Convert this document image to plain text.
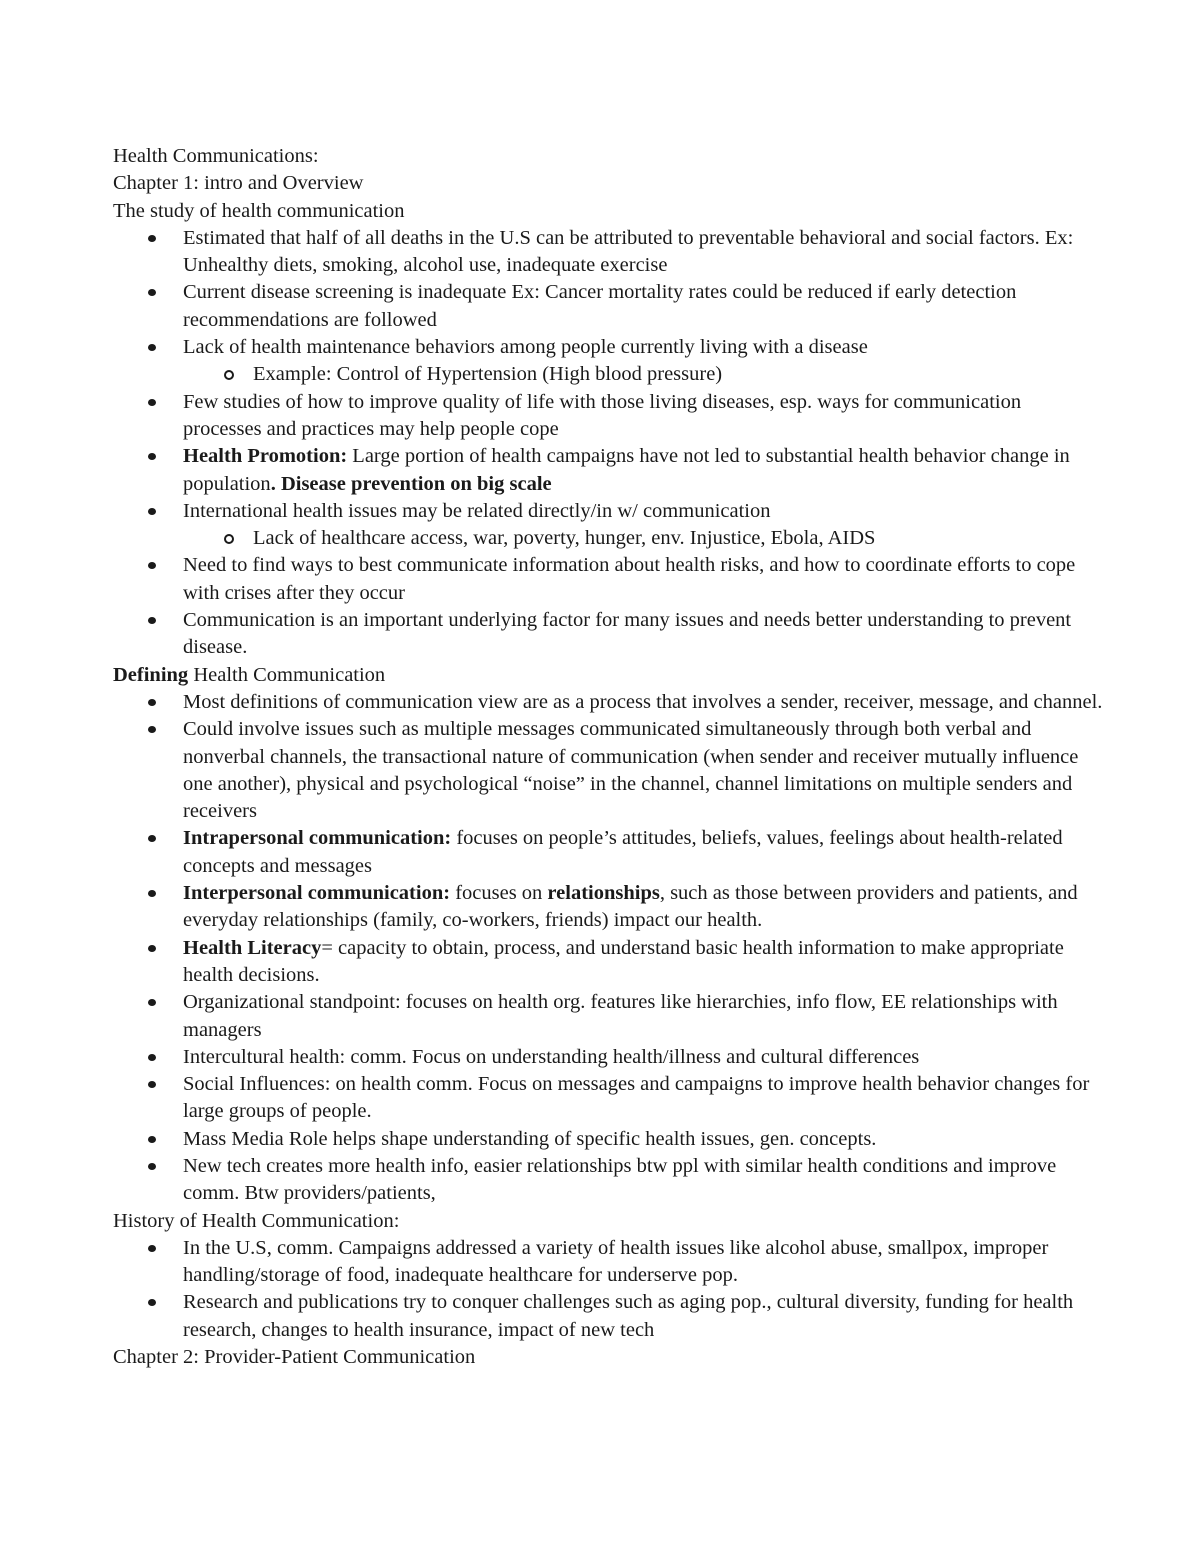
Health Communications:

Chapter 1: intro and Overview

The study of health communication

Estimated that half of all deaths in the U.S can be attributed to preventable behavioral and social factors. Ex: Unhealthy diets, smoking, alcohol use, inadequate exercise
Current disease screening is inadequate Ex: Cancer mortality rates could be reduced if early detection recommendations are followed
Lack of health maintenance behaviors among people currently living with a disease
Example: Control of Hypertension (High blood pressure)
Few studies of how to improve quality of life with those living diseases, esp. ways for communication processes and practices may help people cope
Health Promotion: Large portion of health campaigns have not led to substantial health behavior change in population. Disease prevention on big scale
International health issues may be related directly/in w/ communication
Lack of healthcare access, war, poverty, hunger, env. Injustice, Ebola, AIDS
Need to find ways to best communicate information about health risks, and how to coordinate efforts to cope with crises after they occur
Communication is an important underlying factor for many issues and needs better understanding to prevent disease.

Defining Health Communication

Most definitions of communication view are as a process that involves a sender, receiver, message, and channel.
Could involve issues such as multiple messages communicated simultaneously through both verbal and nonverbal channels, the transactional nature of communication (when sender and receiver mutually influence one another), physical and psychological “noise” in the channel, channel limitations on multiple senders and receivers
Intrapersonal communication: focuses on people’s attitudes, beliefs, values, feelings about health-related concepts and messages
Interpersonal communication: focuses on relationships, such as those between providers and patients, and everyday relationships (family, co-workers, friends) impact our health.
Health Literacy= capacity to obtain, process, and understand basic health information to make appropriate health decisions.
Organizational standpoint: focuses on health org. features like hierarchies, info flow, EE relationships with managers
Intercultural health: comm. Focus on understanding health/illness and cultural differences
Social Influences: on health comm. Focus on messages and campaigns to improve health behavior changes for large groups of people.
Mass Media Role helps shape understanding of specific health issues, gen. concepts.
New tech creates more health info, easier relationships btw ppl with similar health conditions and improve comm. Btw providers/patients,

History of Health Communication:

In the U.S, comm. Campaigns addressed a variety of health issues like alcohol abuse, smallpox, improper handling/storage of food, inadequate healthcare for underserve pop.
Research and publications try to conquer challenges such as aging pop., cultural diversity, funding for health research, changes to health insurance, impact of new tech

Chapter 2: Provider-Patient Communication
